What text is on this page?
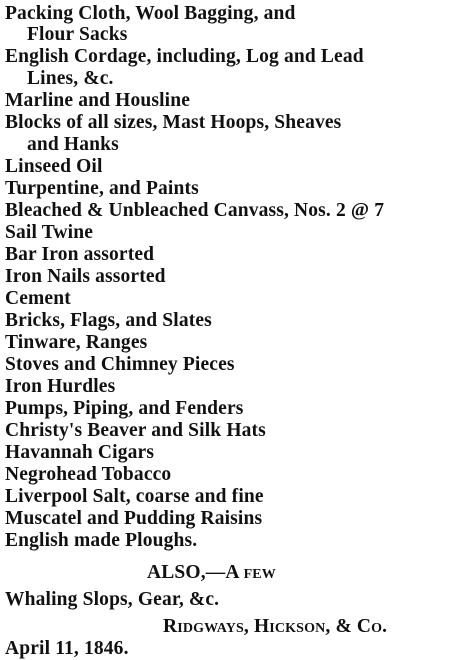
Packing Cloth, Wool Bagging, and
Flour Sacks
English Cordage, including, Log and Lead
Lines, &c.
Marline and Housline
Blocks of all sizes, Mast Hoops, Sheaves
and Hanks
Linseed Oil
Turpentine, and Paints
Bleached & Unbleached Canvass, Nos. 2 @ 7
Sail Twine
Bar Iron assorted
Iron Nails assorted
Cement
Bricks, Flags, and Slates
Tinware, Ranges
Stoves and Chimney Pieces
Iron Hurdles
Pumps, Piping, and Fenders
Christy's Beaver and Silk Hats
Havannah Cigars
Negrohead Tobacco
Liverpool Salt, coarse and fine
Muscatel and Pudding Raisins
English made Ploughs.
ALSO,—A few
Whaling Slops, Gear, &c.
Ridgways, Hickson, & Co.
April 11, 1846.
